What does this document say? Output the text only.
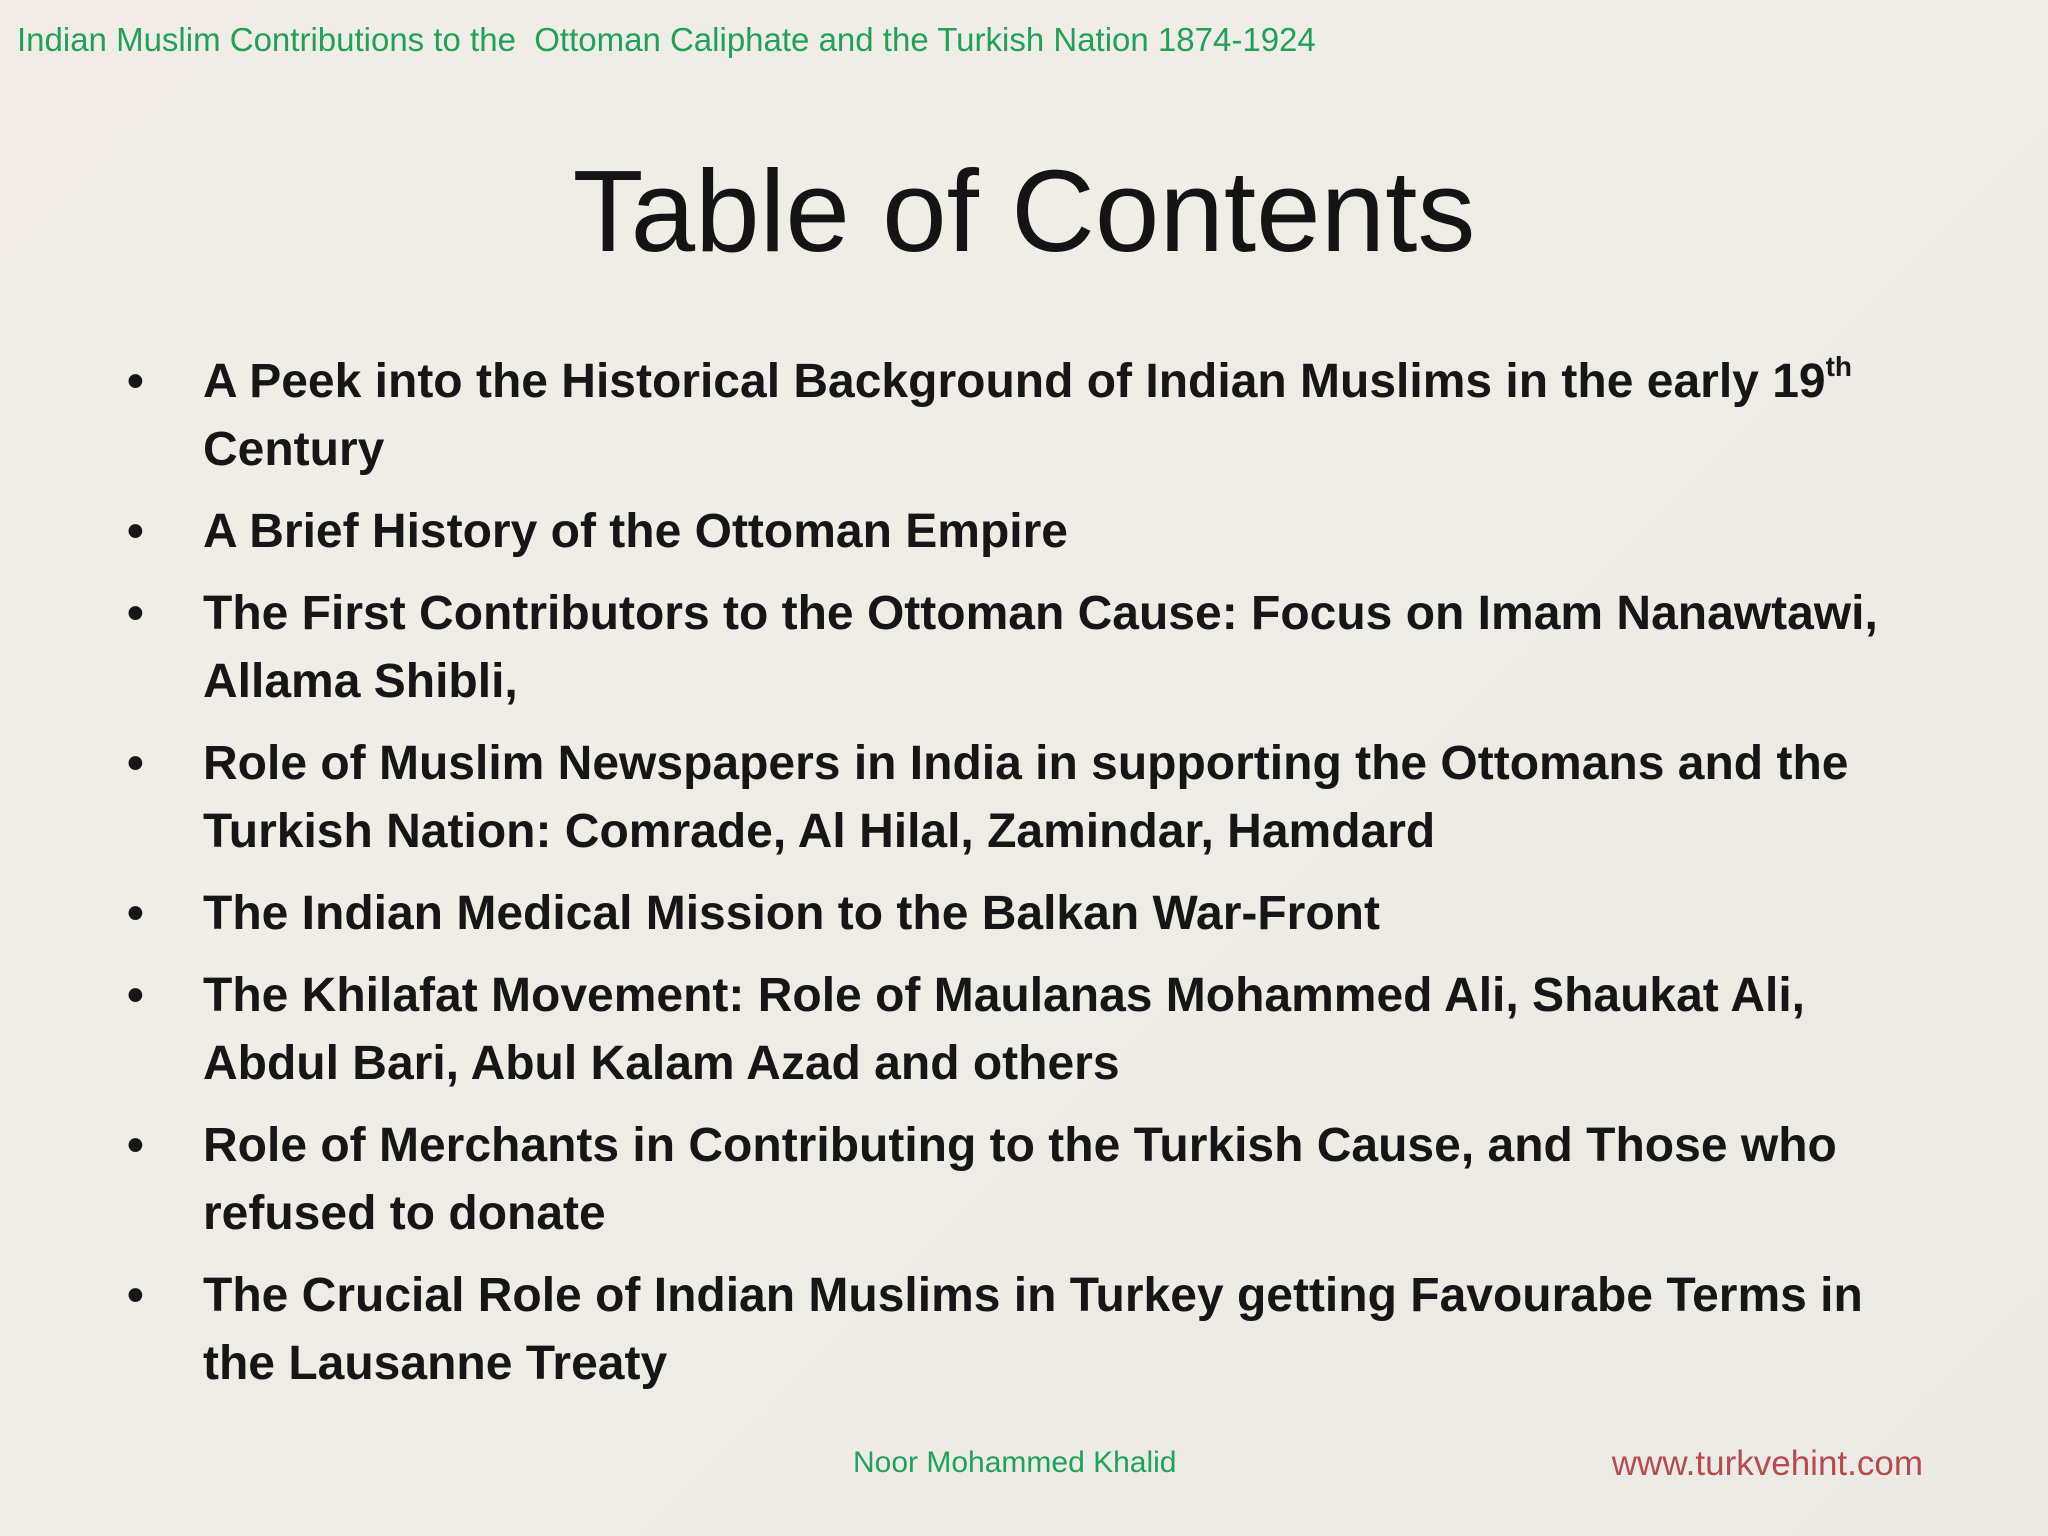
Indian Muslim Contributions to the  Ottoman Caliphate and the Turkish Nation 1874-1924
Table of Contents
• A Peek into the Historical Background of Indian Muslims in the early 19th Century
• A Brief History of the Ottoman Empire
• The First Contributors to the Ottoman Cause: Focus on Imam Nanawtawi, Allama Shibli,
• Role of Muslim Newspapers in India in supporting the Ottomans and the Turkish Nation: Comrade, Al Hilal, Zamindar, Hamdard
• The Indian Medical Mission to the Balkan War-Front
• The Khilafat Movement: Role of Maulanas Mohammed Ali, Shaukat Ali, Abdul Bari, Abul Kalam Azad and others
• Role of Merchants in Contributing to the Turkish Cause, and Those who refused to donate
• The Crucial Role of Indian Muslims in Turkey getting Favourabe Terms in the Lausanne Treaty
Noor Mohammed Khalid	www.turkvehint.com
